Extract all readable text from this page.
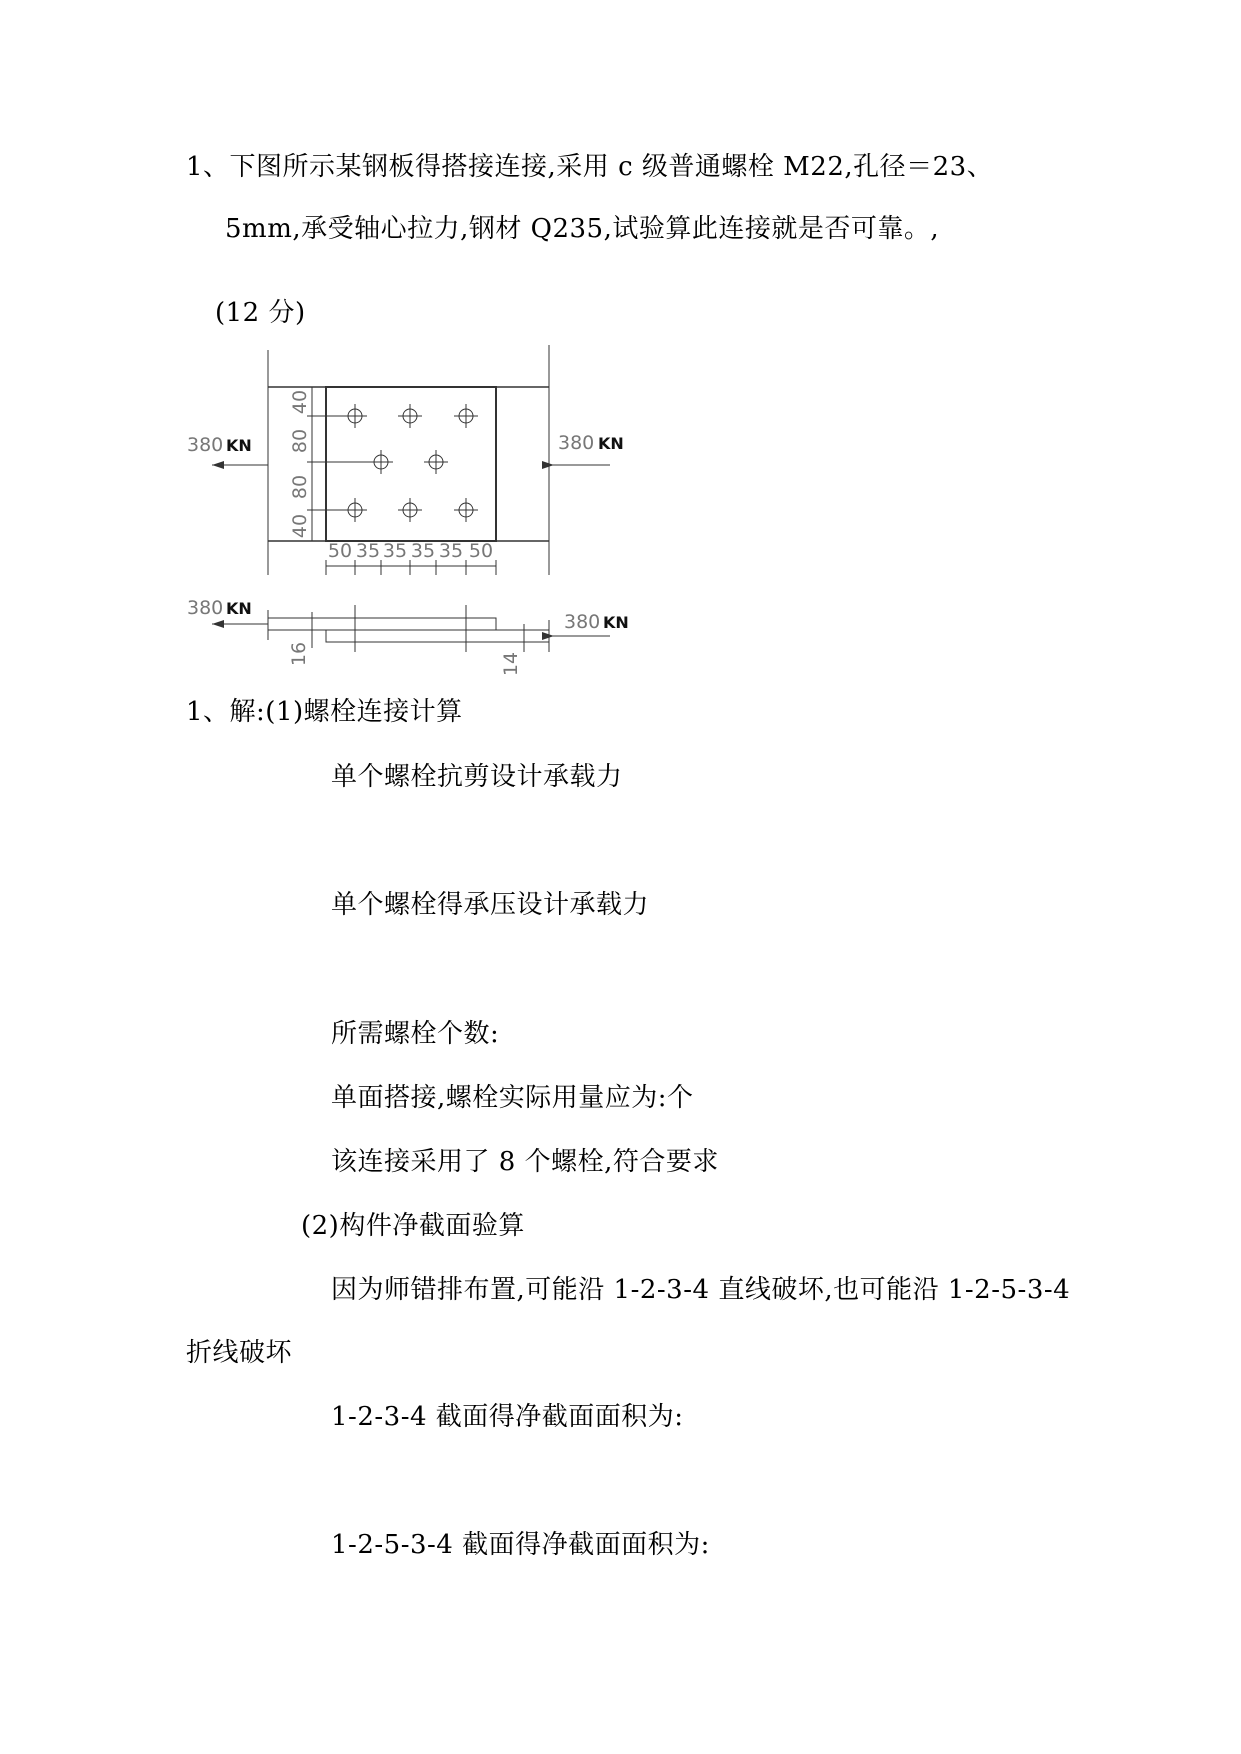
1、下图所示某钢板得搭接连接,采用 c 级普通螺栓 M22,孔径＝23、
5mm,承受轴心拉力,钢材 Q235,试验算此连接就是否可靠。,
(12 分)
40
80
80
40
50 35 35 35 35 50
380 KN	380 KN
16	14
380 KN
380 KN
1、解:(1)螺栓连接计算
单个螺栓抗剪设计承载力
单个螺栓得承压设计承载力
所需螺栓个数:
单面搭接,螺栓实际用量应为:个
该连接采用了 8 个螺栓,符合要求
(2)构件净截面验算
因为师错排布置,可能沿 1-2-3-4 直线破坏,也可能沿 1-2-5-3-4
折线破坏
1-2-3-4 截面得净截面面积为:
1-2-5-3-4 截面得净截面面积为:
